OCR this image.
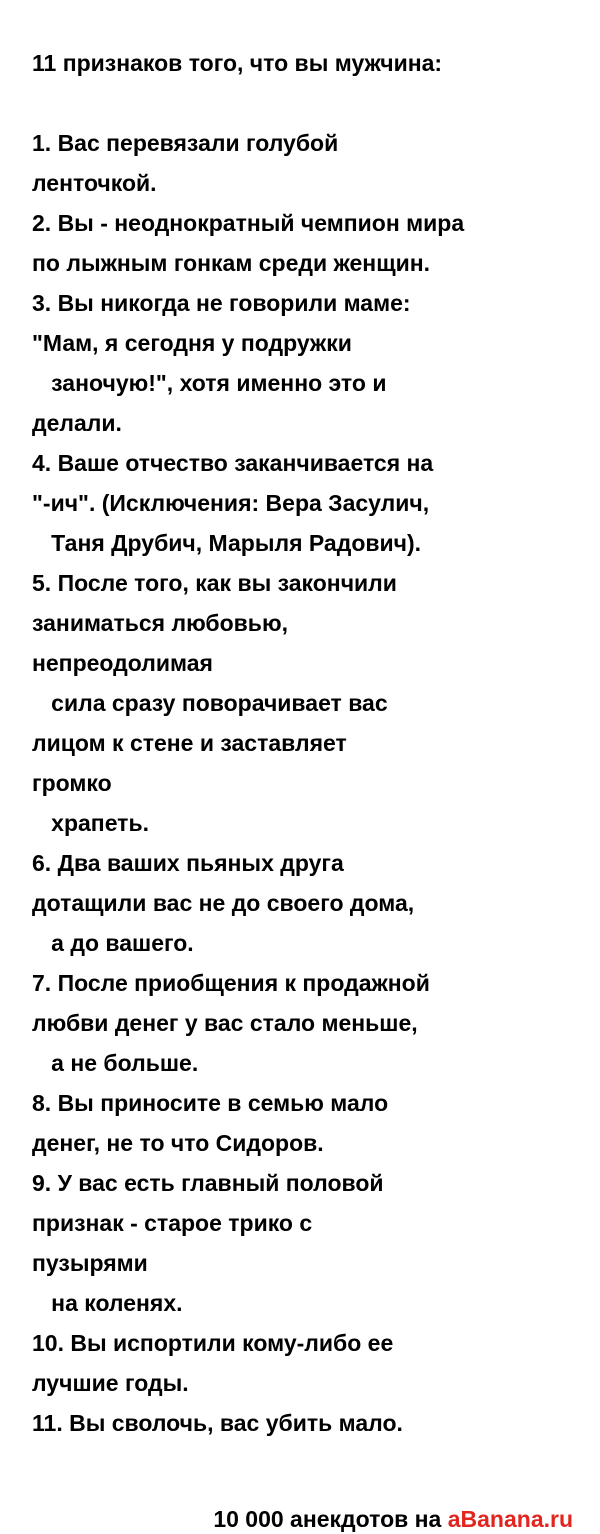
11 признаков того, что вы мужчина:
1. Вас перевязали голубой
ленточкой.
2. Вы - неоднократный чемпион мира
по лыжным гонкам среди женщин.
3. Вы никогда не говорили маме:
"Мам, я сегодня у подружки
заночую!", хотя именно это и
делали.
4. Ваше отчество заканчивается на
"-ич". (Исключения: Вера Засулич,
Таня Друбич, Марыля Радович).
5. После того, как вы закончили
заниматься любовью,
непреодолимая
сила сразу поворачивает вас
лицом к стене и заставляет
громко
храпеть.
6. Два ваших пьяных друга
дотащили вас не до своего дома,
а до вашего.
7. После приобщения к продажной
любви денег у вас стало меньше,
а не больше.
8. Вы приносите в семью мало
денег, не то что Сидоров.
9. У вас есть главный половой
признак - старое трико с
пузырями
на коленях.
10. Вы испортили кому-либо ее
лучшие годы.
11. Вы сволочь, вас убить мало.

10 000 анекдотов на aBanana.ru
